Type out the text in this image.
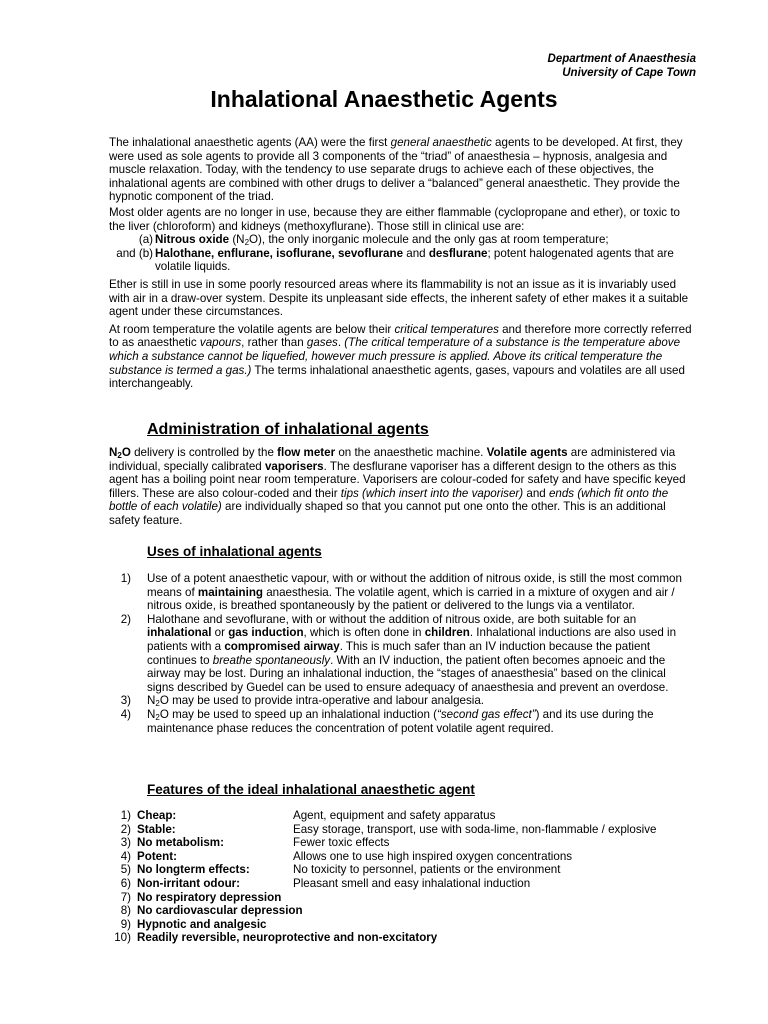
Department of Anaesthesia
University of Cape Town
Inhalational Anaesthetic Agents

The inhalational anaesthetic agents (AA) were the first general anaesthetic agents to be developed. At first, they were used as sole agents to provide all 3 components of the “triad” of anaesthesia – hypnosis, analgesia and muscle relaxation. Today, with the tendency to use separate drugs to achieve each of these objectives, the inhalational agents are combined with other drugs to deliver a “balanced” general anaesthetic. They provide the hypnotic component of the triad.

Most older agents are no longer in use, because they are either flammable (cyclopropane and ether), or toxic to the liver (chloroform) and kidneys (methoxyflurane). Those still in clinical use are:

(a) Nitrous oxide $(N_2O)$, the only inorganic molecule and the only gas at room temperature;
and (b) Halothane, enflurane, isoflurane, sevoflurane and desflurane; potent halogenated agents that are volatile liquids.

Ether is still in use in some poorly resourced areas where its flammability is not an issue as it is invariably used with air in a draw-over system. Despite its unpleasant side effects, the inherent safety of ether makes it a suitable agent under these circumstances.

At room temperature the volatile agents are below their critical temperatures and therefore more correctly referred to as anaesthetic vapours, rather than gases. (The critical temperature of a substance is the temperature above which a substance cannot be liquefied, however much pressure is applied. Above its critical temperature the substance is termed a gas.) The terms inhalational anaesthetic agents, gases, vapours and volatiles are all used interchangeably.

Administration of inhalational agents

$N_2O$ delivery is controlled by the flow meter on the anaesthetic machine. Volatile agents are administered via individual, specially calibrated vaporisers. The desflurane vaporiser has a different design to the others as this agent has a boiling point near room temperature. Vaporisers are colour-coded for safety and have specific keyed fillers. These are also colour-coded and their tips (which insert into the vaporiser) and ends (which fit onto the bottle of each volatile) are individually shaped so that you cannot put one onto the other. This is an additional safety feature.

Uses of inhalational agents
1)	Use of a potent anaesthetic vapour, with or without the addition of nitrous oxide, is still the most common means of maintaining anaesthesia. The volatile agent, which is carried in a mixture of oxygen and air / nitrous oxide, is breathed spontaneously by the patient or delivered to the lungs via a ventilator.
2)	Halothane and sevoflurane, with or without the addition of nitrous oxide, are both suitable for an inhalational or gas induction, which is often done in children. Inhalational inductions are also used in patients with a compromised airway. This is much safer than an IV induction because the patient continues to breathe spontaneously. With an IV induction, the patient often becomes apnoeic and the airway may be lost. During an inhalational induction, the “stages of anaesthesia” based on the clinical signs described by Guedel can be used to ensure adequacy of anaesthesia and prevent an overdose.
3)	$N_2O$ may be used to provide intra-operative and labour analgesia.
4)	$N_2O$ may be used to speed up an inhalational induction (“second gas effect”) and its use during the maintenance phase reduces the concentration of potent volatile agent required.
Features of the ideal inhalational anaesthetic agent
1) Cheap:	Agent, equipment and safety apparatus
2) Stable:	Easy storage, transport, use with soda-lime, non-flammable / explosive
3) No metabolism:	Fewer toxic effects
4) Potent:	Allows one to use high inspired oxygen concentrations
5) No longterm effects:	No toxicity to personnel, patients or the environment
6) Non-irritant odour:	Pleasant smell and easy inhalational induction
7) No respiratory depression
8) No cardiovascular depression
9) Hypnotic and analgesic
10) Readily reversible, neuroprotective and non-excitatory
